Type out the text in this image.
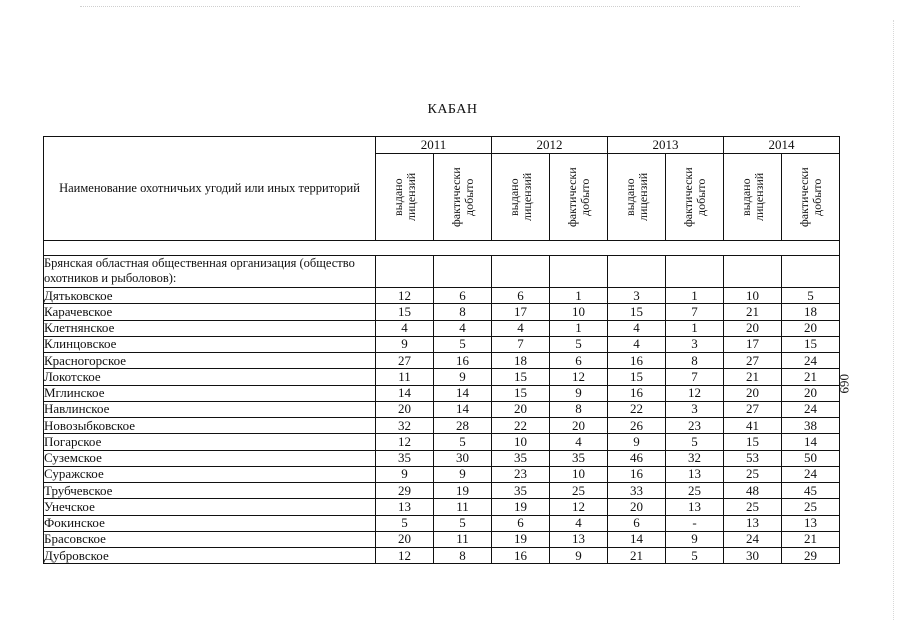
КАБАН
069
Наименование охотничьих угодий или иных территорий	2011		2012		2013		2014	

	выдано лицензий	фактически добыто	выдано лицензий	фактически добыто	выдано лицензий	фактически добыто	выдано лицензий	фактически добыто

Брянская областная общественная организация (общество охотников и рыболовов):								
Дятьковское	12	6	6	1	3	1	10	5
Карачевское	15	8	17	10	15	7	21	18
Клетнянское	4	4	4	1	4	1	20	20
Клинцовское	9	5	7	5	4	3	17	15
Красногорское	27	16	18	6	16	8	27	24
Локотское	11	9	15	12	15	7	21	21
Мглинское	14	14	15	9	16	12	20	20
Навлинское	20	14	20	8	22	3	27	24
Новозыбковское	32	28	22	20	26	23	41	38
Погарское	12	5	10	4	9	5	15	14
Суземское	35	30	35	35	46	32	53	50
Суражское	9	9	23	10	16	13	25	24
Трубчевское	29	19	35	25	33	25	48	45
Унечское	13	11	19	12	20	13	25	25
Фокинское	5	5	6	4	6	-	13	13
Брасовское	20	11	19	13	14	9	24	21
Дубровское	12	8	16	9	21	5	30	29
